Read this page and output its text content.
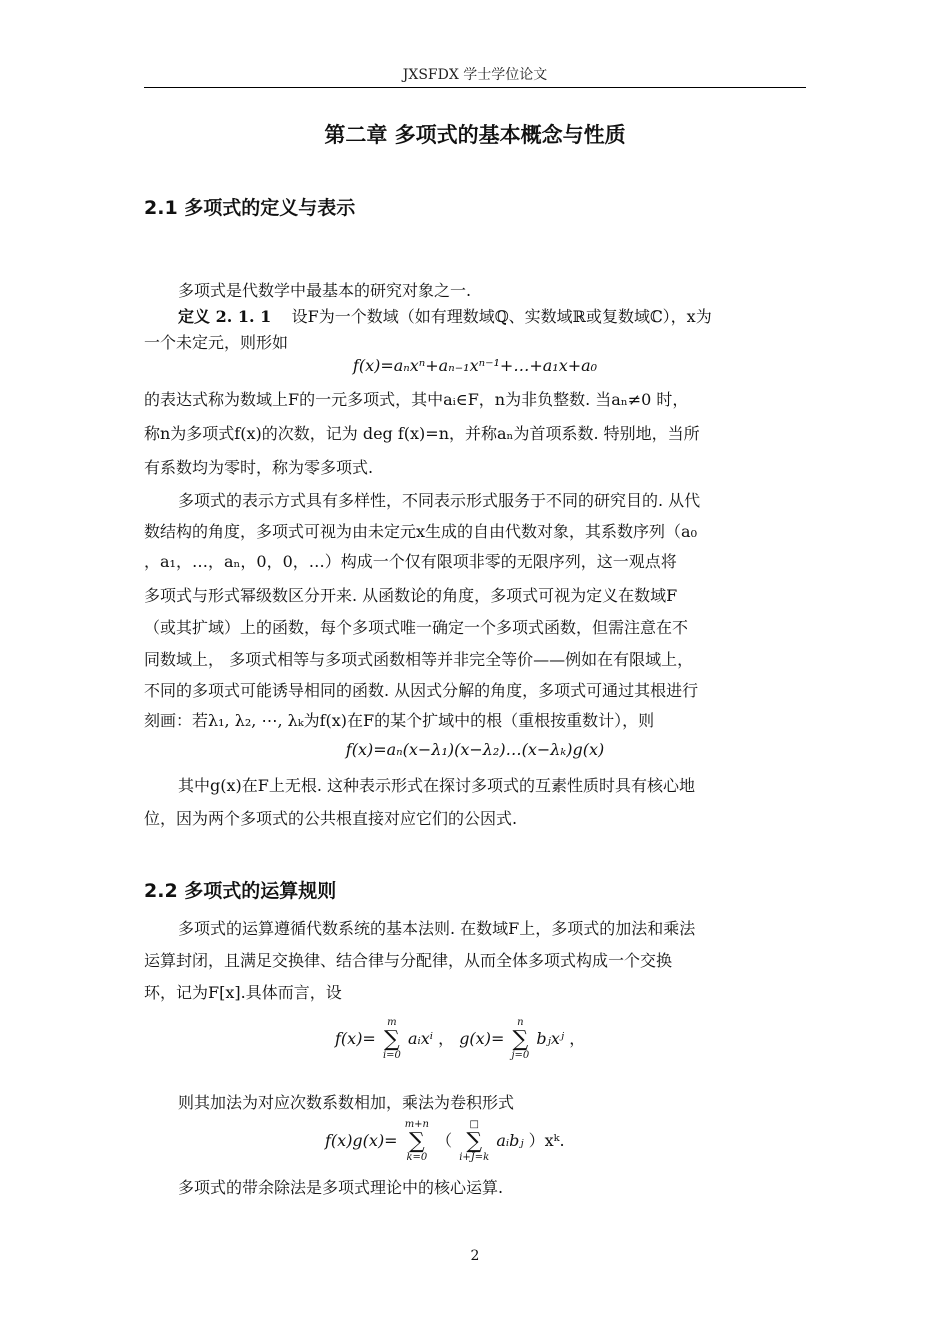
JXSFDX 学士学位论文
第二章 多项式的基本概念与性质
2.1 多项式的定义与表示
多项式是代数学中最基本的研究对象之一.
定义 2. 1. 1 设F为一个数域（如有理数域ℚ、实数域ℝ或复数域ℂ），x为
一个未定元，则形如
f(x)=aₙxⁿ+aₙ₋₁xⁿ⁻¹+…+a₁x+a₀
的表达式称为数域上F的一元多项式，其中aᵢ∈F，n为非负整数. 当aₙ≠0 时，
称n为多项式f(x)的次数，记为 deg f(x)=n，并称aₙ为首项系数. 特别地，当所
有系数均为零时，称为零多项式.
多项式的表示方式具有多样性，不同表示形式服务于不同的研究目的. 从代
数结构的角度，多项式可视为由未定元x生成的自由代数对象，其系数序列（a₀
，a₁，…，aₙ，0，0，…）构成一个仅有限项非零的无限序列，这一观点将
多项式与形式幂级数区分开来. 从函数论的角度，多项式可视为定义在数域F
（或其扩域）上的函数，每个多项式唯一确定一个多项式函数，但需注意在不
同数域上， 多项式相等与多项式函数相等并非完全等价——例如在有限域上，
不同的多项式可能诱导相同的函数. 从因式分解的角度，多项式可通过其根进行
刻画：若λ₁, λ₂, ⋯, λₖ为f(x)在F的某个扩域中的根（重根按重数计），则
f(x)=aₙ(x−λ₁)(x−λ₂)…(x−λₖ)g(x)
其中g(x)在F上无根. 这种表示形式在探讨多项式的互素性质时具有核心地
位，因为两个多项式的公共根直接对应它们的公因式.
2.2 多项式的运算规则
多项式的运算遵循代数系统的基本法则. 在数域F上，多项式的加法和乘法
运算封闭，且满足交换律、结合律与分配律，从而全体多项式构成一个交换
环，记为F[x].具体而言，设
f(x)=
m
∑
i=0
aᵢxⁱ ， g(x)=
n
∑
j=0
bⱼxʲ ，
则其加法为对应次数系数相加，乘法为卷积形式
f(x)g(x)=
m+n
∑
k=0
（
□
∑
i+J=k
aᵢbⱼ ）xᵏ.
多项式的带余除法是多项式理论中的核心运算.
2
